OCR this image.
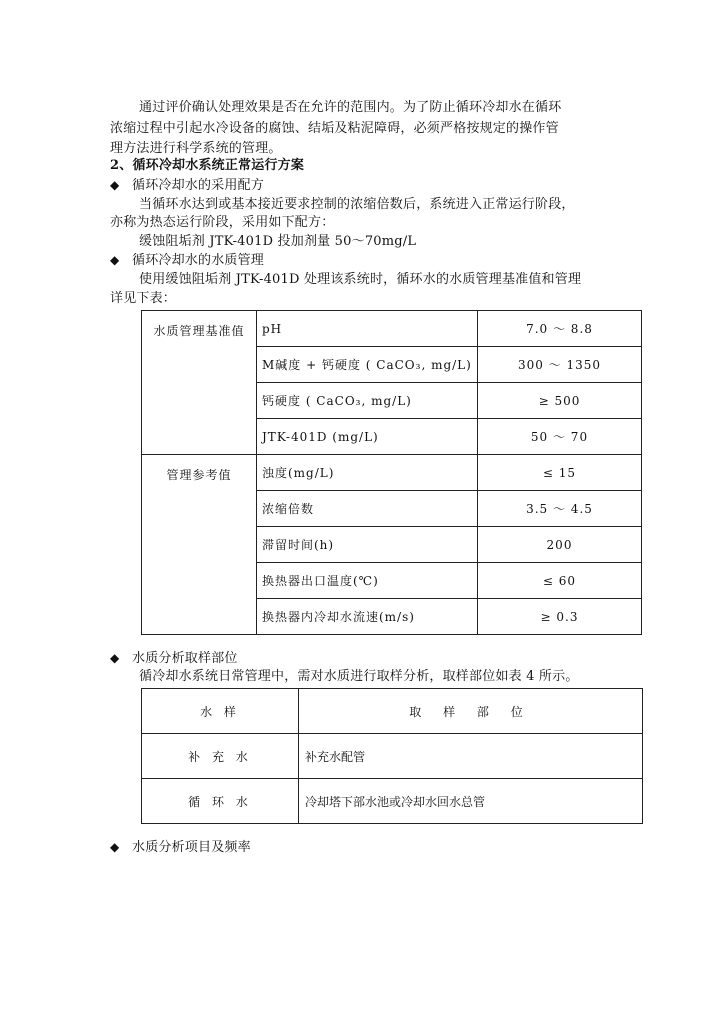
通过评价确认处理效果是否在允许的范围内。为了防止循环冷却水在循环
浓缩过程中引起水冷设备的腐蚀、结垢及粘泥障碍，必须严格按规定的操作管
理方法进行科学系统的管理。
2、循环冷却水系统正常运行方案
◆ 循环冷却水的采用配方
当循环水达到或基本接近要求控制的浓缩倍数后，系统进入正常运行阶段，
亦称为热态运行阶段，采用如下配方：
缓蚀阻垢剂 JTK-401D 投加剂量 50～70mg/L
◆ 循环冷却水的水质管理
使用缓蚀阻垢剂 JTK-401D 处理该系统时，循环水的水质管理基准值和管理
详见下表：
水质管理基准值	pH	7.0 ～ 8.8
	M碱度 + 钙硬度 ( CaCO₃, mg/L)	300 ～ 1350
	钙硬度 ( CaCO₃, mg/L)	≥ 500
	JTK-401D (mg/L)	50 ～ 70
管理参考值	浊度(mg/L)	≤ 15
	浓缩倍数	3.5 ～ 4.5
	滞留时间(h)	200
	换热器出口温度(℃)	≤ 60
	换热器内冷却水流速(m/s)	≥ 0.3
◆ 水质分析取样部位
循冷却水系统日常管理中，需对水质进行取样分析，取样部位如表 4 所示。
水 样	取 样 部 位
补 充 水	补充水配管
循 环 水	冷却塔下部水池或冷却水回水总管
◆ 水质分析项目及频率
